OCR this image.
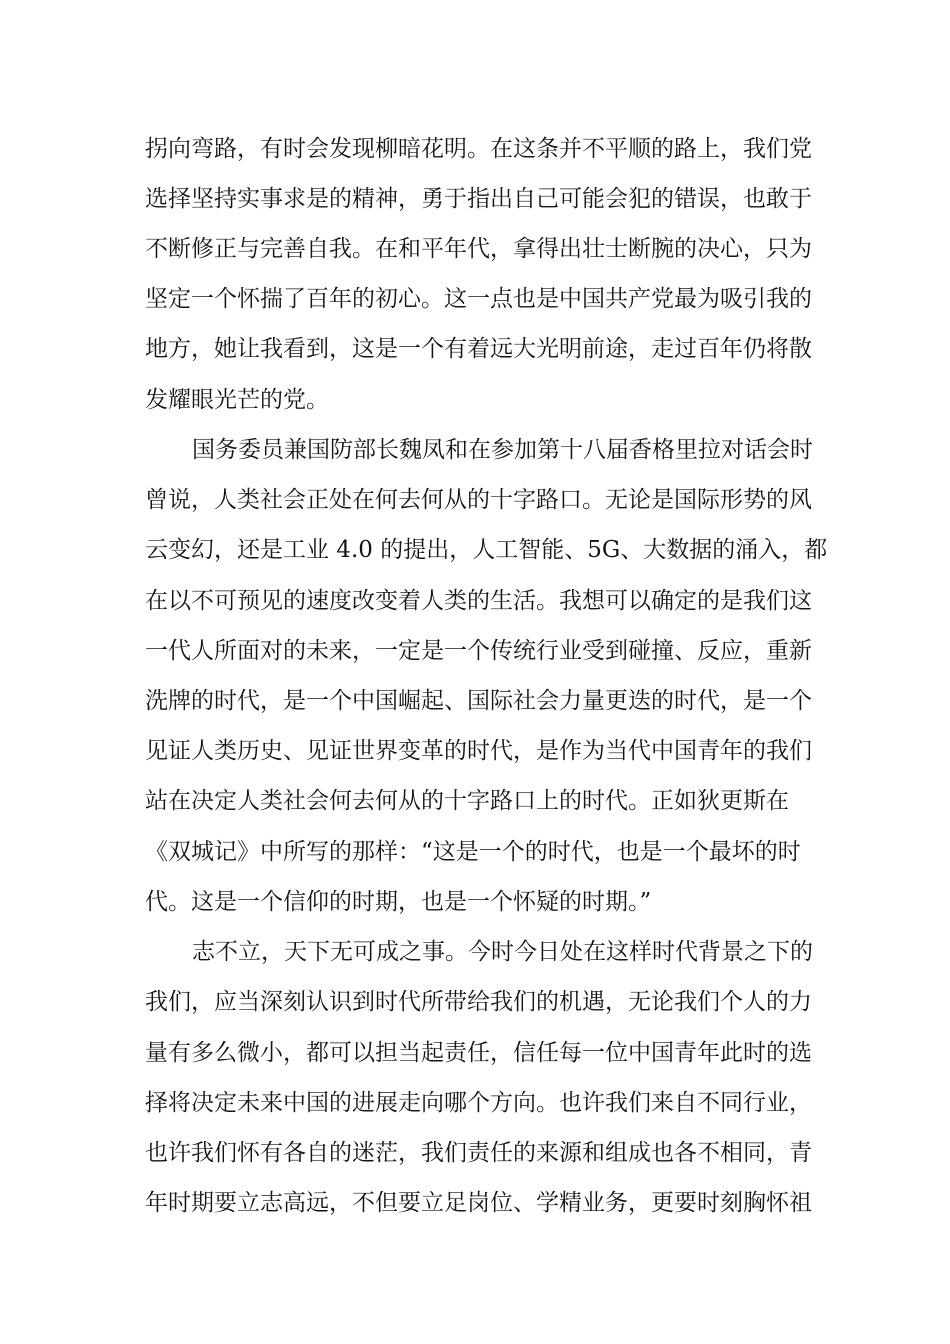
拐向弯路，有时会发现柳暗花明。在这条并不平顺的路上，我们党
选择坚持实事求是的精神，勇于指出自己可能会犯的错误，也敢于
不断修正与完善自我。在和平年代，拿得出壮士断腕的决心，只为
坚定一个怀揣了百年的初心。这一点也是中国共产党最为吸引我的
地方，她让我看到，这是一个有着远大光明前途，走过百年仍将散
发耀眼光芒的党。
国务委员兼国防部长魏凤和在参加第十八届香格里拉对话会时
曾说，人类社会正处在何去何从的十字路口。无论是国际形势的风
云变幻，还是工业 4.0 的提出，人工智能、5G、大数据的涌入，都
在以不可预见的速度改变着人类的生活。我想可以确定的是我们这
一代人所面对的未来，一定是一个传统行业受到碰撞、反应，重新
洗牌的时代，是一个中国崛起、国际社会力量更迭的时代，是一个
见证人类历史、见证世界变革的时代，是作为当代中国青年的我们
站在决定人类社会何去何从的十字路口上的时代。正如狄更斯在
《双城记》中所写的那样：“这是一个的时代，也是一个最坏的时
代。这是一个信仰的时期，也是一个怀疑的时期。”
志不立，天下无可成之事。今时今日处在这样时代背景之下的
我们，应当深刻认识到时代所带给我们的机遇，无论我们个人的力
量有多么微小，都可以担当起责任，信任每一位中国青年此时的选
择将决定未来中国的进展走向哪个方向。也许我们来自不同行业，
也许我们怀有各自的迷茫，我们责任的来源和组成也各不相同，青
年时期要立志高远，不但要立足岗位、学精业务，更要时刻胸怀祖
